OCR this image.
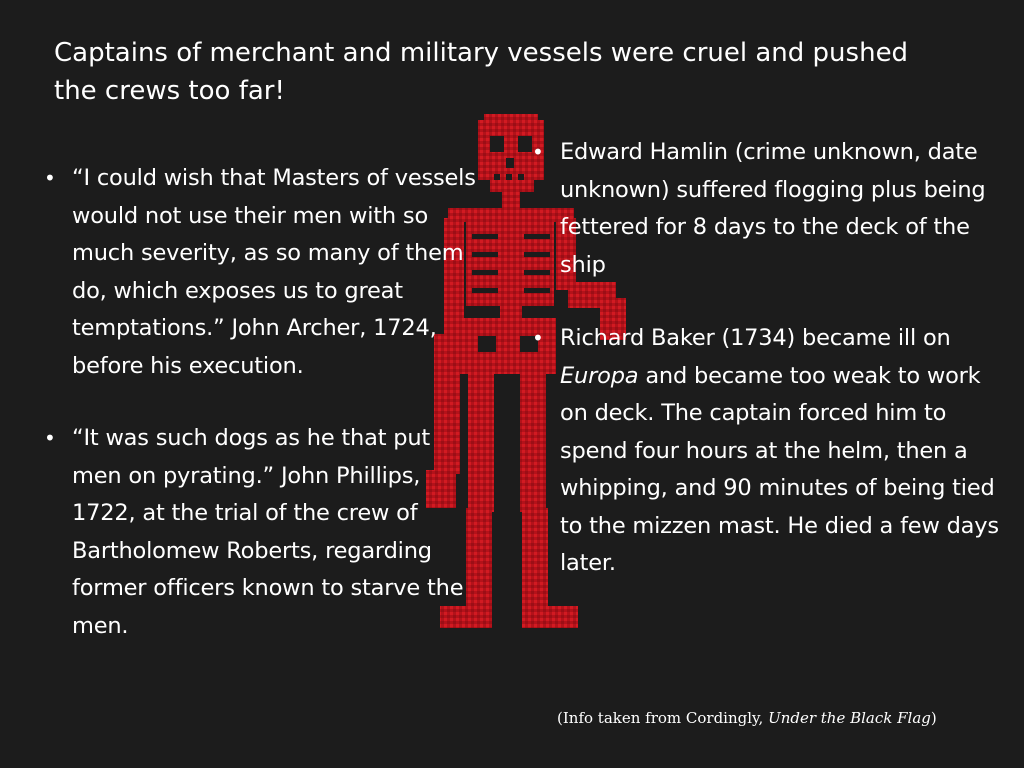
Captains of merchant and military vessels were cruel and pushed the crews too far!
• “I could wish that Masters of vessels would not use their men with so much severity, as so many of them do, which exposes us to great temptations.” John Archer, 1724, before his execution.
• “It was such dogs as he that put men on pyrating.” John Phillips, 1722, at the trial of the crew of Bartholomew Roberts, regarding former officers known to starve the men.
• Edward Hamlin (crime unknown, date unknown) suffered flogging plus being fettered for 8 days to the deck of the ship
• Richard Baker (1734) became ill on Europa and became too weak to work on deck. The captain forced him to spend four hours at the helm, then a whipping, and 90 minutes of being tied to the mizzen mast. He died a few days later.
(Info taken from Cordingly, Under the Black Flag)
